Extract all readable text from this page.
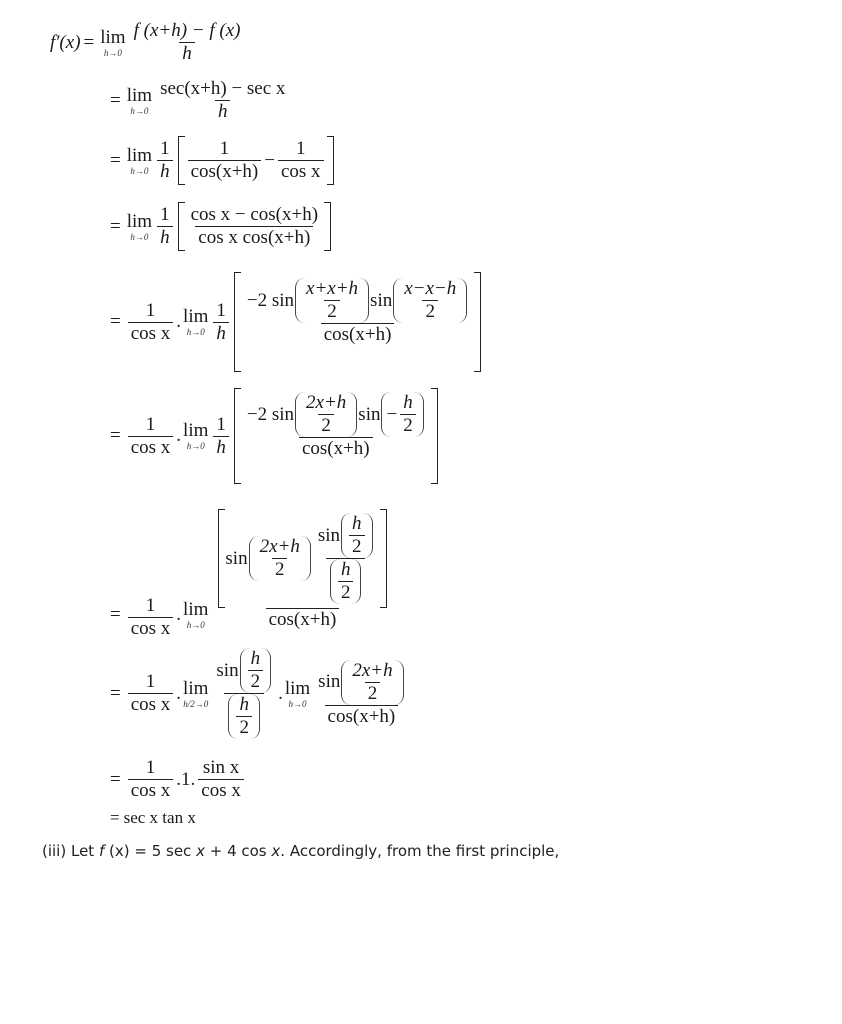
f′(x) = lim
$h\to 0 \frac{f (x+h) - f (x)}{h}$
= lim
$h\to 0 \frac{\text{sec(x+h) − sec x}}{h}$
= lim
$h\to 0 \frac{1}{h} \frac{1}{\cos(x+h)} - \frac{1}{\text{cos x}}$
= lim
$h\to 0 \frac{1}{h} \frac{\text{cos x − cos(x+h)}}{\text{cos x cos(x+h)}}$
= $\frac{1}{\text{cos x}}$ . lim
$h\to 0 \frac{1}{h} -2$ $\sin \frac{x+x+h}{2}$ $\sin \frac{x-x-h}{2}$
cos(x+h)
= $\frac{1}{\text{cos x}}$ . lim
$h\to 0 \frac{1}{h} -2$ $\sin \frac{2x+h}{2}$ $\sin - \frac{h}{2}$
cos(x+h)
= $\frac{1}{\text{cos x}}$ . lim
h→0
$\sin \frac{2x+h}{2}$
$\sin \frac{h}{2}$
$\frac{h}{2}$
cos(x+h)
= $\frac{1}{\text{cos x}}$ . lim
$h/2\to 0 \frac{\sin \frac{h}{2}}{\frac{h}{2}}$ . lim
$h\to 0 \frac{\sin \frac{2x+h}{2}}{\cos(x+h)}$
= $\frac{1}{\text{cos x}} .1$. $\frac{\text{sin x}}{\text{cos x}}$
= sec x tan x
(iii) Let f (x) = 5 sec x + 4 cos x. Accordingly, from the first principle,
